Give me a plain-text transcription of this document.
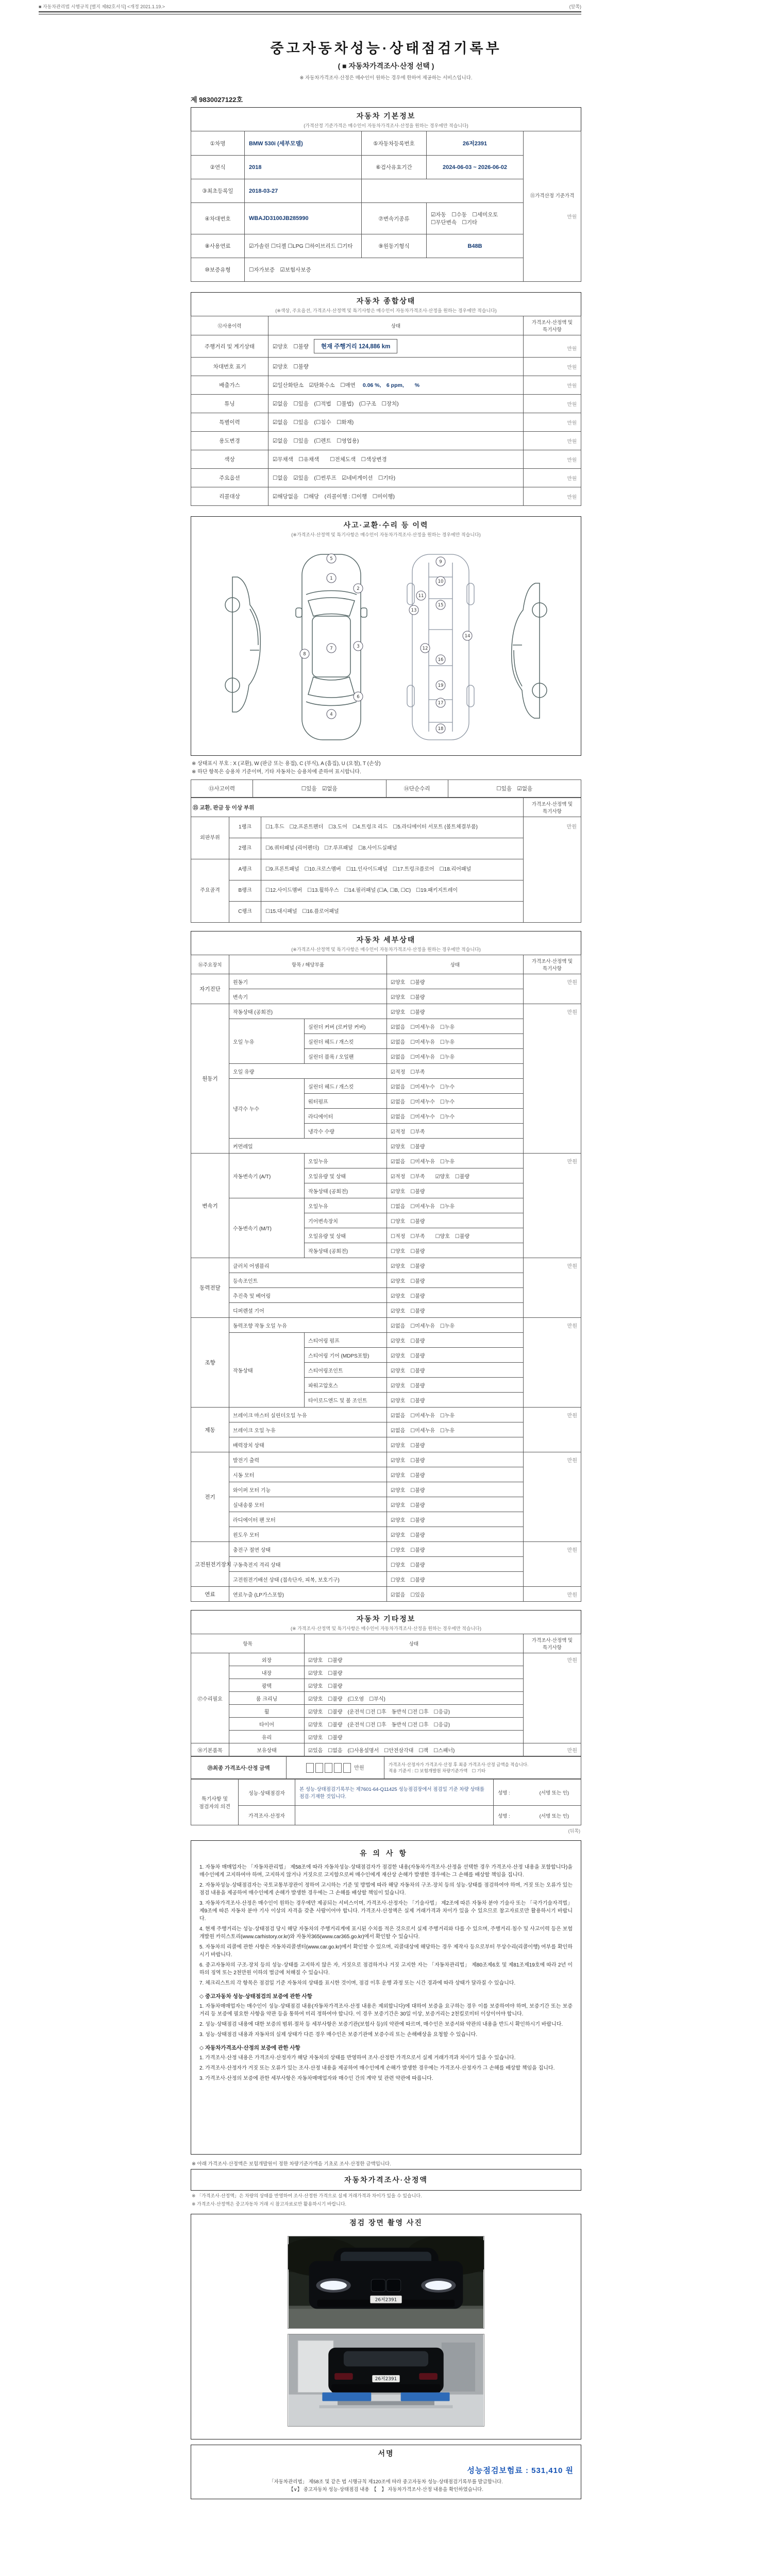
■ 자동차관리법 시행규칙 [별지 제82호서식] <개정 2021.1.19.>	(앞쪽)
중고자동차성능·상태점검기록부
( ■ 자동차가격조사·산정 선택 )
※ 자동차가격조사·산정은 매수인이 원하는 경우에 한하여 제공하는 서비스입니다.
제 9830027122호
자동차 기본정보
(가격산정 기준가격은 매수인이 자동차가격조사·산정을 원하는 경우에만 적습니다)
①차명	BMW 530i (세부모델)	⑤자동차등록번호	26저2391	⑪가격산정 기준가격
만원

②연식	2018	⑥검사유효기간	2024-06-03 ~ 2026-06-02	
③최초등록일	2018-03-27			
④차대번호	WBAJD3100JB285990	⑦변속기종류	☑자동　☐수동　☐세미오토
☐무단변속　☐기타	

⑧사용연료	☑가솔린 ☐디젤 ☐LPG ☐하이브리드 ☐기타	⑨원동기형식	B48B	
⑩보증유형	☐자가보증　☑보험사보증			
자동차 종합상태
(※색상, 주요옵션, 가격조사·산정액 및 특기사항은 매수인이 자동차가격조사·산정을 원하는 경우에만 적습니다)
⑫사용이력	상태	가격조사·산정액 및 특기사항
주행거리 및 계기상태	☑양호　☐불량 현재 주행거리 124,886 km	만원
차대번호 표기	☑양호　☐불량	만원
배출가스	☑일산화탄소　☑탄화수소　☐매연 0.06 %,　6 ppm,　　%	만원
튜닝	☑없음　☐있음　(☐적법　☐불법)　(☐구조　☐장치)	만원
특별이력	☑없음　☐있음　(☐침수　☐화재)	만원
용도변경	☑없음　☐있음　(☐렌트　☐영업용)	만원
색상	☑무채색　☐유채색　　☐전체도색　☐색상변경	만원
주요옵션	☐없음　☑있음　(☐썬루프　☑네비게이션　☐기타)	만원
리콜대상	☑해당없음　☐해당　(리콜이행 : ☐이행　☐미이행)	만원
사고·교환·수리 등 이력
(※가격조사·산정액 및 특기사항은 매수인이 자동차가격조사·산정을 원하는 경우에만 적습니다)
1
2
3
4
5
6
7
8
9
10
11
12
13
14
15
16
17
18
19
※ 상태표시 부호 : X (교환), W (판금 또는 용접), C (부식), A (흠집), U (요철), T (손상)
※ 하단 항목은 승용차 기준이며, 기타 자동차는 승용차에 준하여 표시합니다.
⑬사고이력	☐있음　☑없음	⑭단순수리	☐있음　☑없음
⑮ 교환, 판금 등 이상 부위			가격조사·산정액 및 특기사항
외판부위	1랭크	☐1.후드　☐2.프론트펜더　☐3.도어　☐4.트렁크 리드　☐5.라디에이터 서포트 (볼트체결부품)	만원
	2랭크	☐6.쿼터패널 (리어펜더)　☐7.루프패널　☐8.사이드실패널	
주요골격	A랭크	☐9.프론트패널　☐10.크로스멤버　☐11.인사이드패널　☐17.트렁크플로어　☐18.리어패널	
	B랭크	☐12.사이드멤버　☐13.휠하우스　☐14.필러패널 (☐A, ☐B, ☐C)　☐19.패키지트레이	
	C랭크	☐15.대시패널　☐16.플로어패널	
자동차 세부상태
(※가격조사·산정액 및 특기사항은 매수인이 자동차가격조사·산정을 원하는 경우에만 적습니다)
⑯주요장치	항목 / 해당부품		상태	가격조사·산정액 및 특기사항
자기진단	원동기		☑양호　☐불량	만원
	변속기		☑양호　☐불량	
원동기	작동상태 (공회전)		☑양호　☐불량	만원
	오일 누유	실린더 커버 (로커암 커버)	☑없음　☐미세누유　☐누유	
		실린더 헤드 / 개스킷	☑없음　☐미세누유　☐누유	
		실린더 블록 / 오일팬	☑없음　☐미세누유　☐누유	
	오일 유량		☑적정　☐부족	
	냉각수 누수	실린더 헤드 / 개스킷	☑없음　☐미세누수　☐누수	
		워터펌프	☑없음　☐미세누수　☐누수	
		라디에이터	☑없음　☐미세누수　☐누수	
		냉각수 수량	☑적정　☐부족	
	커먼레일		☑양호　☐불량	
변속기	자동변속기 (A/T)	오일누유	☑없음　☐미세누유　☐누유	만원
		오일유량 및 상태	☑적정　☐부족　　☑양호　☐불량	
		작동상태 (공회전)	☑양호　☐불량	
	수동변속기 (M/T)	오일누유	☐없음　☐미세누유　☐누유	
		기어변속장치	☐양호　☐불량	
		오일유량 및 상태	☐적정　☐부족　　☐양호　☐불량	
		작동상태 (공회전)	☐양호　☐불량	
동력전달	클러치 어셈블리		☑양호　☐불량	만원
	등속조인트		☑양호　☐불량	
	추진축 및 베어링		☑양호　☐불량	
	디퍼렌셜 기어		☑양호　☐불량	
조향	동력조향 작동 오일 누유		☑없음　☐미세누유　☐누유	만원
	작동상태	스티어링 펌프	☑양호　☐불량	
		스티어링 기어 (MDPS포함)	☑양호　☐불량	
		스티어링조인트	☑양호　☐불량	
		파워고압호스	☑양호　☐불량	
		타이로드엔드 및 볼 조인트	☑양호　☐불량	
제동	브레이크 마스터 실린더오일 누유		☑없음　☐미세누유　☐누유	만원
	브레이크 오일 누유		☑없음　☐미세누유　☐누유	
	배력장치 상태		☑양호　☐불량	
전기	발전기 출력		☑양호　☐불량	만원
	시동 모터		☑양호　☐불량	
	와이퍼 모터 기능		☑양호　☐불량	
	실내송풍 모터		☑양호　☐불량	
	라디에이터 팬 모터		☑양호　☐불량	
	윈도우 모터		☑양호　☐불량	
고전원전기장치	충전구 절연 상태		☐양호　☐불량	만원
	구동축전지 격리 상태		☐양호　☐불량	
	고전원전기배선 상태 (접속단자, 피복, 보호기구)		☐양호　☐불량	
연료	연료누출 (LP가스포함)		☑없음　☐있음	만원
자동차 기타정보
(※ 가격조사·산정액 및 특기사항은 매수인이 자동차가격조사·산정을 원하는 경우에만 적습니다)
항목		상태	가격조사·산정액 및 특기사항
⑰수리필요	외장	☑양호　☐불량	만원
	내장	☑양호　☐불량	
	광택	☑양호　☐불량	
	룸 크리닝	☑양호　☐불량　(☐오염　☐부식)	
	휠	☑양호　☐불량　(운전석 ☐전 ☐후　동반석 ☐전 ☐후　☐응급)	
	타이어	☑양호　☐불량　(운전석 ☐전 ☐후　동반석 ☐전 ☐후　☐응급)	
	유리	☑양호　☐불량	
⑱기본품목	보유상태	☑있음　☐없음　(☐사용설명서　☐안전삼각대　☐잭　☐스패너)	만원
⑲최종 가격조사·산정 금액	만원	
가격조사·산정자가 가격조사·산정 후 최종 가격조사·산정 금액을 적습니다.
적용 기준서 : ☐ 보험개발원 차량기준가액　☐ 기타
특기사항 및 점검자의 의견	성능·상태점검자	본 성능·상태점검기록부는 제7601-64-Q11425 성능점검장에서 점검일 기준 차량 상태를 점검·기재한 것입니다.	성명 :　　　　　　(서명 또는 인)
	가격조사·산정자		성명 :　　　　　　(서명 또는 인)
(뒤쪽)
유의사항
1. 자동차 매매업자는 「자동차관리법」 제58조에 따라 자동차성능·상태점검자가 점검한 내용(자동차가격조사·산정을 선택한 경우 가격조사·산정 내용을 포함합니다)을 매수인에게 고지하여야 하며, 고지하지 않거나 거짓으로 고지함으로써 매수인에게 재산상 손해가 발생한 경우에는 그 손해를 배상할 책임을 집니다.
2. 자동차성능·상태점검자는 국토교통부장관이 정하여 고시하는 기준 및 방법에 따라 해당 자동차의 구조·장치 등의 성능·상태를 점검하여야 하며, 거짓 또는 오류가 있는 점검 내용을 제공하여 매수인에게 손해가 발생한 경우에는 그 손해를 배상할 책임이 있습니다.
3. 자동차가격조사·산정은 매수인이 원하는 경우에만 제공되는 서비스이며, 가격조사·산정자는 「기술사법」 제2조에 따른 자동차 분야 기술사 또는 「국가기술자격법」 제9조에 따른 자동차 분야 기사 이상의 자격을 갖춘 사람이어야 합니다. 가격조사·산정액은 실제 거래가격과 차이가 있을 수 있으므로 참고자료로만 활용하시기 바랍니다.
4. 현재 주행거리는 성능·상태점검 당시 해당 자동차의 주행거리계에 표시된 수치를 적은 것으로서 실제 주행거리와 다를 수 있으며, 주행거리·침수 및 사고이력 등은 보험개발원 카히스토리(www.carhistory.or.kr)와 자동차365(www.car365.go.kr)에서 확인할 수 있습니다.
5. 자동차의 리콜에 관한 사항은 자동차리콜센터(www.car.go.kr)에서 확인할 수 있으며, 리콜대상에 해당하는 경우 제작사 등으로부터 무상수리(리콜이행) 여부를 확인하시기 바랍니다.
6. 중고자동차의 구조·장치 등의 성능·상태를 고지하지 않은 자, 거짓으로 점검하거나 거짓 고지한 자는 「자동차관리법」 제80조제6호 및 제81조제19호에 따라 2년 이하의 징역 또는 2천만원 이하의 벌금에 처해질 수 있습니다.
7. 체크리스트의 각 항목은 점검일 기준 자동차의 상태를 표시한 것이며, 점검 이후 운행 과정 또는 시간 경과에 따라 상태가 달라질 수 있습니다.
◇ 중고자동차 성능·상태점검의 보증에 관한 사항
1. 자동차매매업자는 매수인이 성능·상태점검 내용(자동차가격조사·산정 내용은 제외합니다)에 대하여 보증을 요구하는 경우 이를 보증하여야 하며, 보증기간 또는 보증거리 등 보증에 필요한 사항을 약관 등을 통하여 미리 정하여야 합니다. 이 경우 보증기간은 30일 이상, 보증거리는 2천킬로미터 이상이어야 합니다.
2. 성능·상태점검 내용에 대한 보증의 범위·절차 등 세부사항은 보증기관(보험사 등)의 약관에 따르며, 매수인은 보증서와 약관의 내용을 반드시 확인하시기 바랍니다.
3. 성능·상태점검 내용과 자동차의 실제 상태가 다른 경우 매수인은 보증기관에 보증수리 또는 손해배상을 요청할 수 있습니다.
◇ 자동차가격조사·산정의 보증에 관한 사항
1. 가격조사·산정 내용은 가격조사·산정자가 해당 자동차의 상태를 반영하여 조사·산정한 가격으로서 실제 거래가격과 차이가 있을 수 있습니다.
2. 가격조사·산정자가 거짓 또는 오류가 있는 조사·산정 내용을 제공하여 매수인에게 손해가 발생한 경우에는 가격조사·산정자가 그 손해를 배상할 책임을 집니다.
3. 가격조사·산정의 보증에 관한 세부사항은 자동차매매업자와 매수인 간의 계약 및 관련 약관에 따릅니다.
※ 아래 가격조사·산정액은 보험개발원이 정한 차량기준가액을 기초로 조사·산정한 금액입니다.
자동차가격조사·산정액
※ 「가격조사·산정액」은 차량의 상태를 반영하여 조사·산정한 가격으로 실제 거래가격과 차이가 있을 수 있습니다.
※ 가격조사·산정액은 중고자동차 거래 시 참고자료로만 활용하시기 바랍니다.
점검 장면 촬영 사진
26저2391
26저2391
서명
성능점검보험료 : 531,410 원
「자동차관리법」 제58조 및 같은 법 시행규칙 제120조에 따라 중고자동차 성능·상태점검기록부를 발급합니다.
【∨】 중고자동차 성능·상태점검 내용　【　】 자동차가격조사·산정 내용을 확인하였습니다.
